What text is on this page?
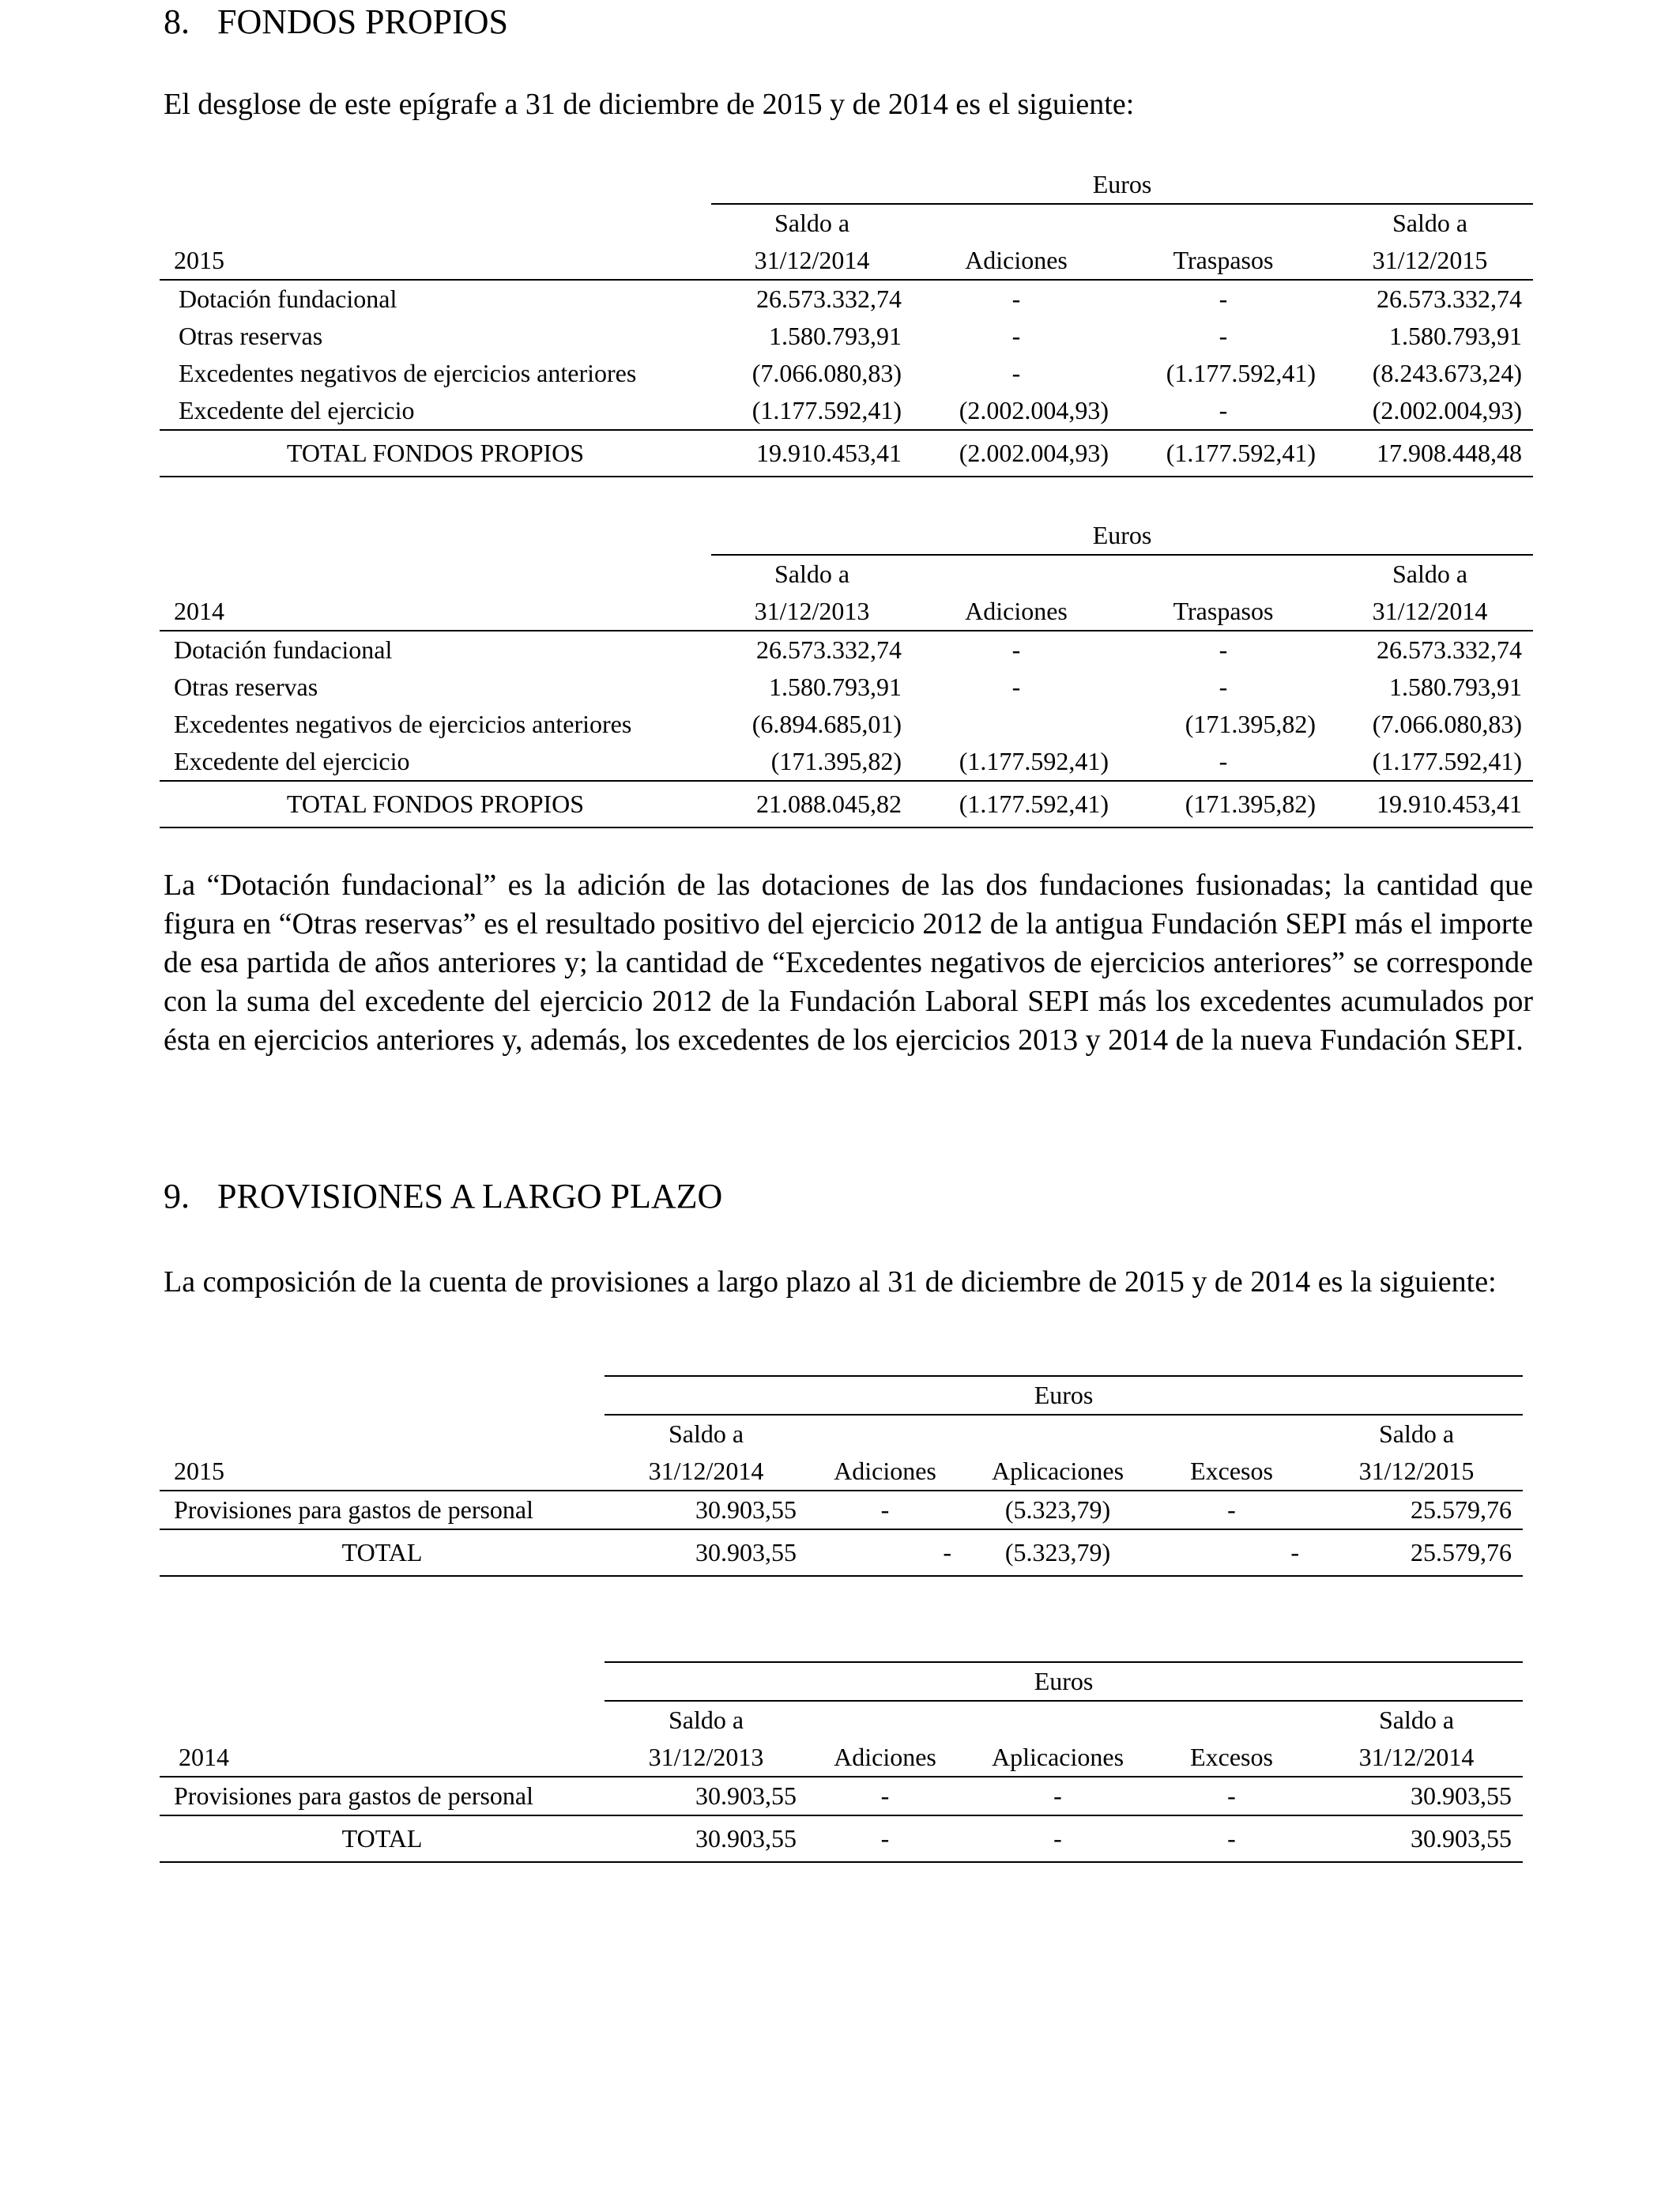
8. FONDOS PROPIOS
El desglose de este epígrafe a 31 de diciembre de 2015 y de 2014 es el siguiente:
	Euros			
	Saldo a			Saldo a
2015	31/12/2014	Adiciones	Traspasos	31/12/2015
Dotación fundacional	26.573.332,74	-	-	26.573.332,74
Otras reservas	1.580.793,91	-	-	1.580.793,91
Excedentes negativos de ejercicios anteriores	(7.066.080,83)	-	(1.177.592,41)	(8.243.673,24)
Excedente del ejercicio	(1.177.592,41)	(2.002.004,93)	-	(2.002.004,93)
TOTAL FONDOS PROPIOS	19.910.453,41	(2.002.004,93)	(1.177.592,41)	17.908.448,48
	Euros			
	Saldo a			Saldo a
2014	31/12/2013	Adiciones	Traspasos	31/12/2014
Dotación fundacional	26.573.332,74	-	-	26.573.332,74
Otras reservas	1.580.793,91	-	-	1.580.793,91
Excedentes negativos de ejercicios anteriores	(6.894.685,01)		(171.395,82)	(7.066.080,83)
Excedente del ejercicio	(171.395,82)	(1.177.592,41)	-	(1.177.592,41)
TOTAL FONDOS PROPIOS	21.088.045,82	(1.177.592,41)	(171.395,82)	19.910.453,41
La “Dotación fundacional” es la adición de las dotaciones de las dos fundaciones fusionadas; la cantidad que figura en “Otras reservas” es el resultado positivo del ejercicio 2012 de la antigua Fundación SEPI más el importe de esa partida de años anteriores y; la cantidad de “Excedentes negativos de ejercicios anteriores” se corresponde con la suma del excedente del ejercicio 2012 de la Fundación Laboral SEPI más los excedentes acumulados por ésta en ejercicios anteriores y, además, los excedentes de los ejercicios 2013 y 2014 de la nueva Fundación SEPI.
9. PROVISIONES A LARGO PLAZO
La composición de la cuenta de provisiones a largo plazo al 31 de diciembre de 2015 y de 2014 es la siguiente:
	Euros				
	Saldo a				Saldo a
2015	31/12/2014	Adiciones	Aplicaciones	Excesos	31/12/2015
Provisiones para gastos de personal	30.903,55	-	(5.323,79)	-	25.579,76
TOTAL	30.903,55	-	(5.323,79)	-	25.579,76
	Euros				
	Saldo a				Saldo a
2014	31/12/2013	Adiciones	Aplicaciones	Excesos	31/12/2014
Provisiones para gastos de personal	30.903,55	-	-	-	30.903,55
TOTAL	30.903,55	-	-	-	30.903,55
